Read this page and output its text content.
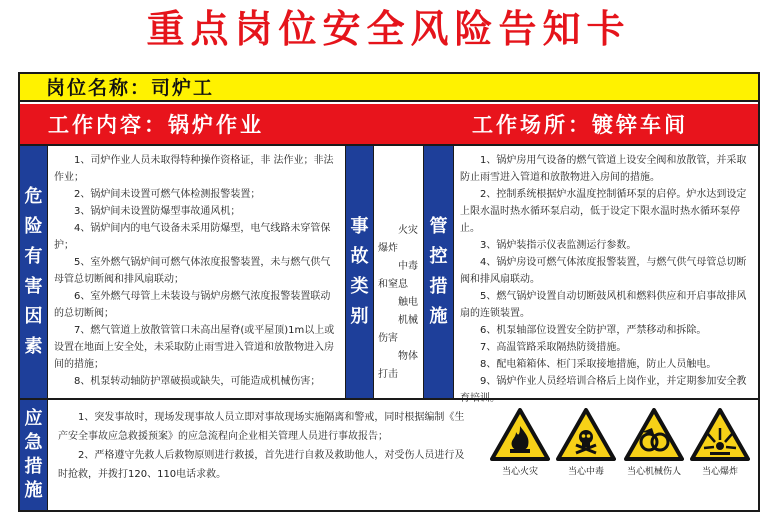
重点岗位安全风险告知卡
岗位名称：司炉工
工作内容：锅炉作业	工作场所：镀锌车间
危
险
有
害
因
素
1、司炉作业人员未取得特种操作资格证，非 法作业；非法作业；
2、锅炉间未设置可燃气体检测报警装置；
3、锅炉间未设置防爆型事故通风机；
4、锅炉间内的电气设备未采用防爆型，电气线路未穿管保护；
5、室外燃气锅炉间可燃气体浓度报警装置，未与燃气供气母管总切断阀和排风扇联动；
6、室外燃气母管上未装设与锅炉房燃气浓度报警装置联动的总切断阀；
7、燃气管道上放散管管口未高出屋脊(或平屋顶)1m以上或设置在地面上安全处，未采取防止雨雪进入管道和放散物进入房间的措施；
8、机泵转动轴防护罩破损或缺失，可能造成机械伤害；
事
故
类
别
火灾爆炸
中毒和窒息
触电
机械伤害
物体打击
管
控
措
施
1、锅炉房用气设备的燃气管道上设安全阀和放散管，并采取防止雨雪进入管道和放散物进入房间的措施。
2、控制系统根据炉水温度控制循环泵的启停。炉水达到设定上限水温时热水循环泵启动，低于设定下限水温时热水循环泵停止。
3、锅炉装指示仪表监测运行参数。
4、锅炉房设可燃气体浓度报警装置，与燃气供气母管总切断阀和排风扇联动。
5、燃气锅炉设置自动切断鼓风机和燃料供应和开启事故排风扇的连锁装置。
6、机泵轴部位设置安全防护罩，严禁移动和拆除。
7、高温管路采取隔热防烫措施。
8、配电箱箱体、柜门采取接地措施，防止人员触电。
9、锅炉作业人员经培训合格后上岗作业，并定期参加安全教
应
急
措
施
1、突发事故时，现场发现事故人员立即对事故现场实施隔离和警戒，同时根据编制《生产安全事故应急救援预案》的应急流程向企业相关管理人员进行事故报告；
2、严格遵守先救人后救物原则进行救援，首先进行自救及救助他人，对受伤人员进行及时抢救，并拨打120、110电话求救。	当心火灾	当心中毒	当心机械伤人	当心爆炸
